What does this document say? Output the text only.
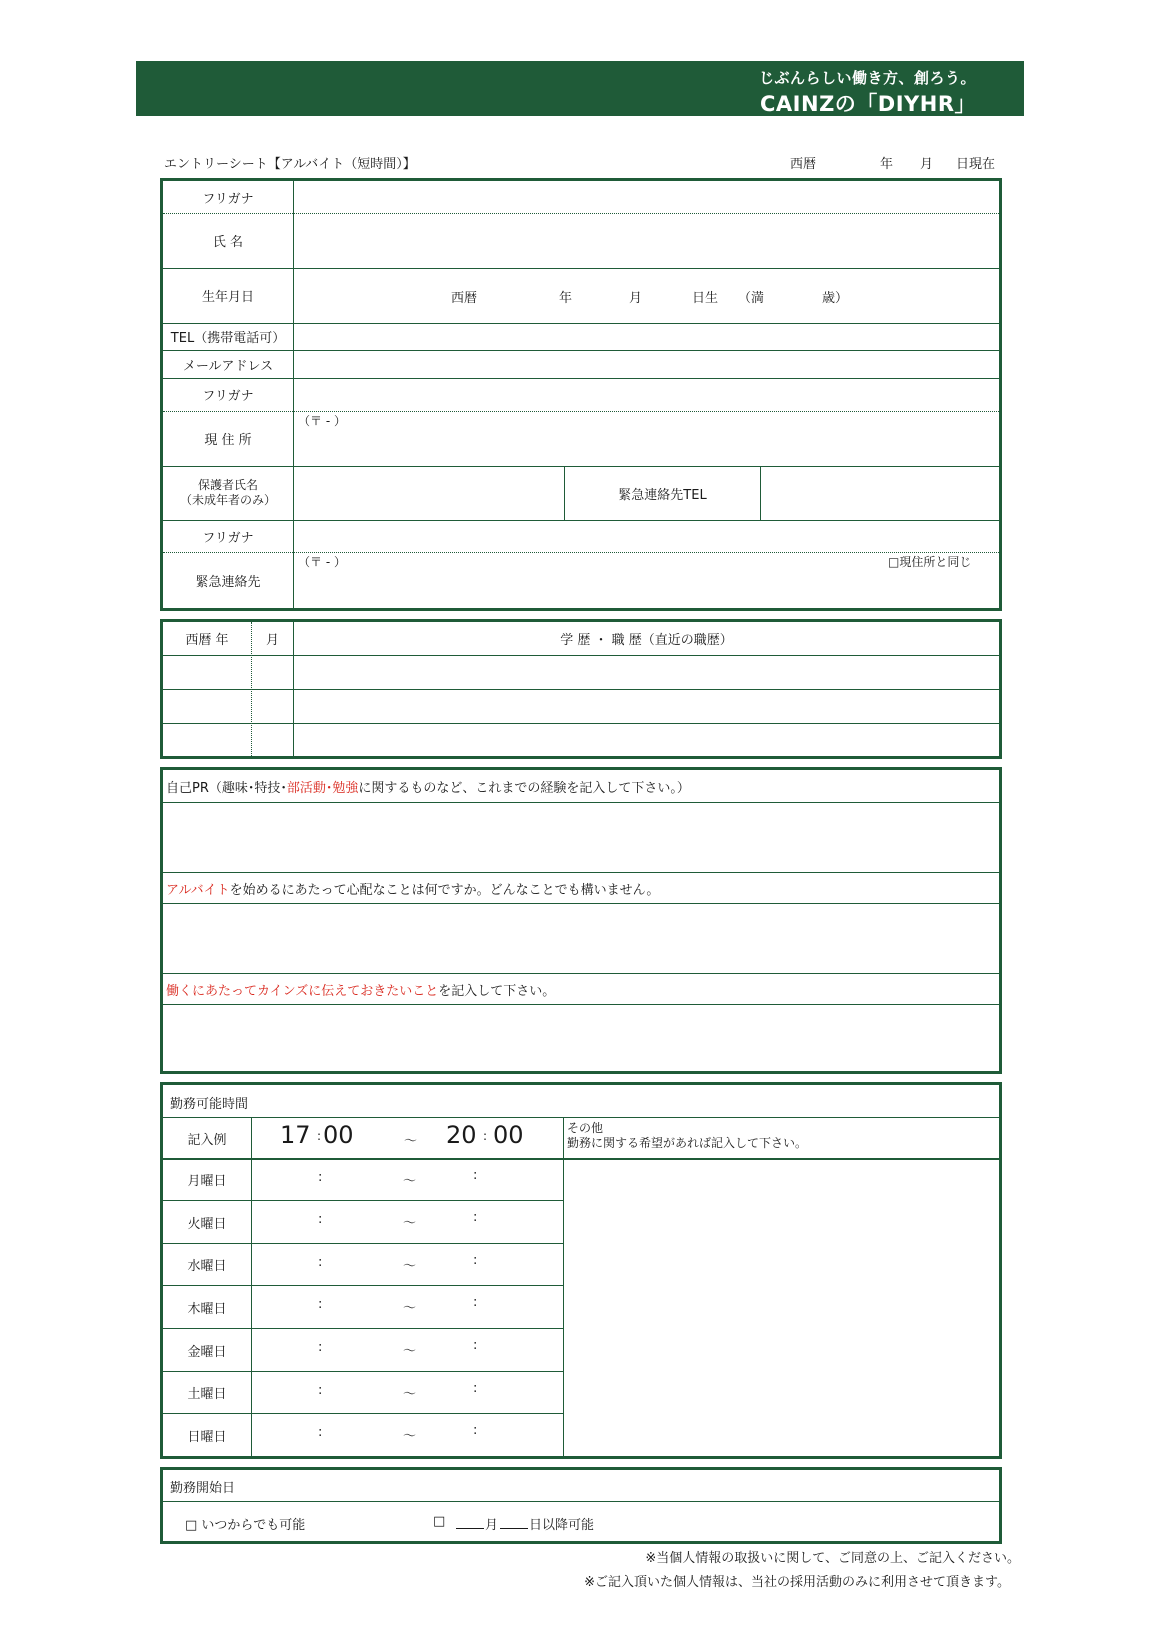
じぶんらしい働き方、創ろう。
CAINZの「DIYHR」
エントリーシート【アルバイト（短時間）】	西暦	年 月 日現在
フリガナ
氏 名
生年月日	西暦	年	月	日生 （満	歳）
TEL（携帯電話可）
メールアドレス
フリガナ
現 住 所
（〒 - ）
保護者氏名
（未成年者のみ）	緊急連絡先TEL
フリガナ
緊急連絡先
（〒 - ）	□現住所と同じ
西暦 年	月	学 歴 ・ 職 歴（直近の職歴）
自己PR（趣味･特技･部活動･勉強に関するものなど、これまでの経験を記入して下さい。）
アルバイトを始めるにあたって心配なことは何ですか。どんなことでも構いません。
働くにあたってカインズに伝えておきたいことを記入して下さい。
勤務可能時間
記入例	17 : 00	～ 20 : 00	その他
勤務に関する希望があれば記入して下さい。
月曜日	:	～	:
火曜日	:	～	:
水曜日	:	～	:
木曜日	:	～	:
金曜日	:	～	:
土曜日	:	～	:
日曜日	:	～	:
勤務開始日
□ いつからでも可能	□	月 日以降可能
※当個人情報の取扱いに関して、ご同意の上、ご記入ください。
※ご記入頂いた個人情報は、当社の採用活動のみに利用させて頂きます。
